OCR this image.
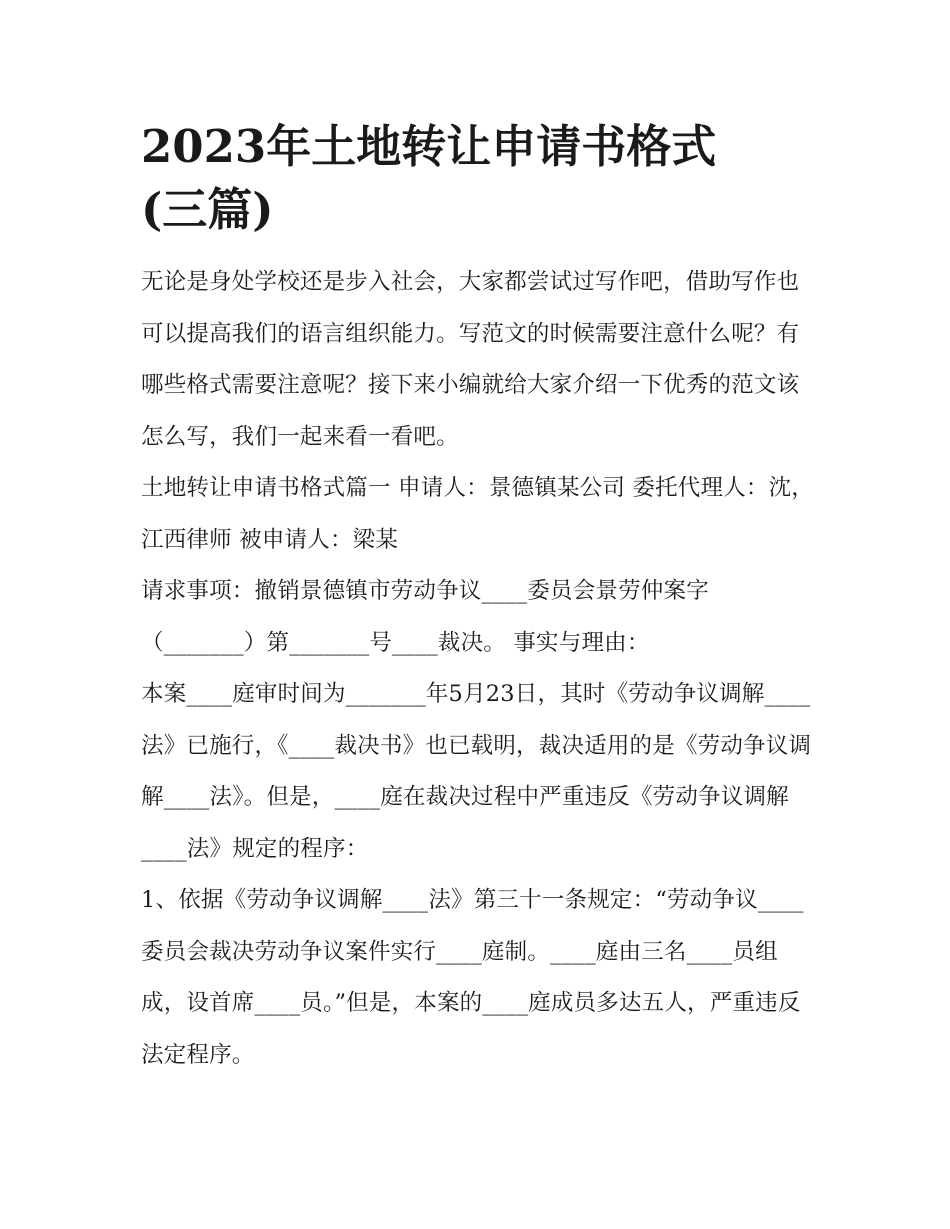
2023年土地转让申请书格式
(三篇)

无论是身处学校还是步入社会，大家都尝试过写作吧，借助写作也可以提高我们的语言组织能力。写范文的时候需要注意什么呢？有哪些格式需要注意呢？接下来小编就给大家介绍一下优秀的范文该怎么写，我们一起来看一看吧。

土地转让申请书格式篇一 申请人：景德镇某公司 委托代理人：沈，江西律师 被申请人：梁某

请求事项：撤销景德镇市劳动争议____委员会景劳仲案字（_______）第_______号____裁决。 事实与理由：

本案____庭审时间为_______年5月23日，其时《劳动争议调解____法》已施行，《____裁决书》也已载明，裁决适用的是《劳动争议调解____法》。但是，____庭在裁决过程中严重违反《劳动争议调解____法》规定的程序：

1、依据《劳动争议调解____法》第三十一条规定：“劳动争议____委员会裁决劳动争议案件实行____庭制。____庭由三名____员组成，设首席____员。”但是，本案的____庭成员多达五人，严重违反法定程序。
